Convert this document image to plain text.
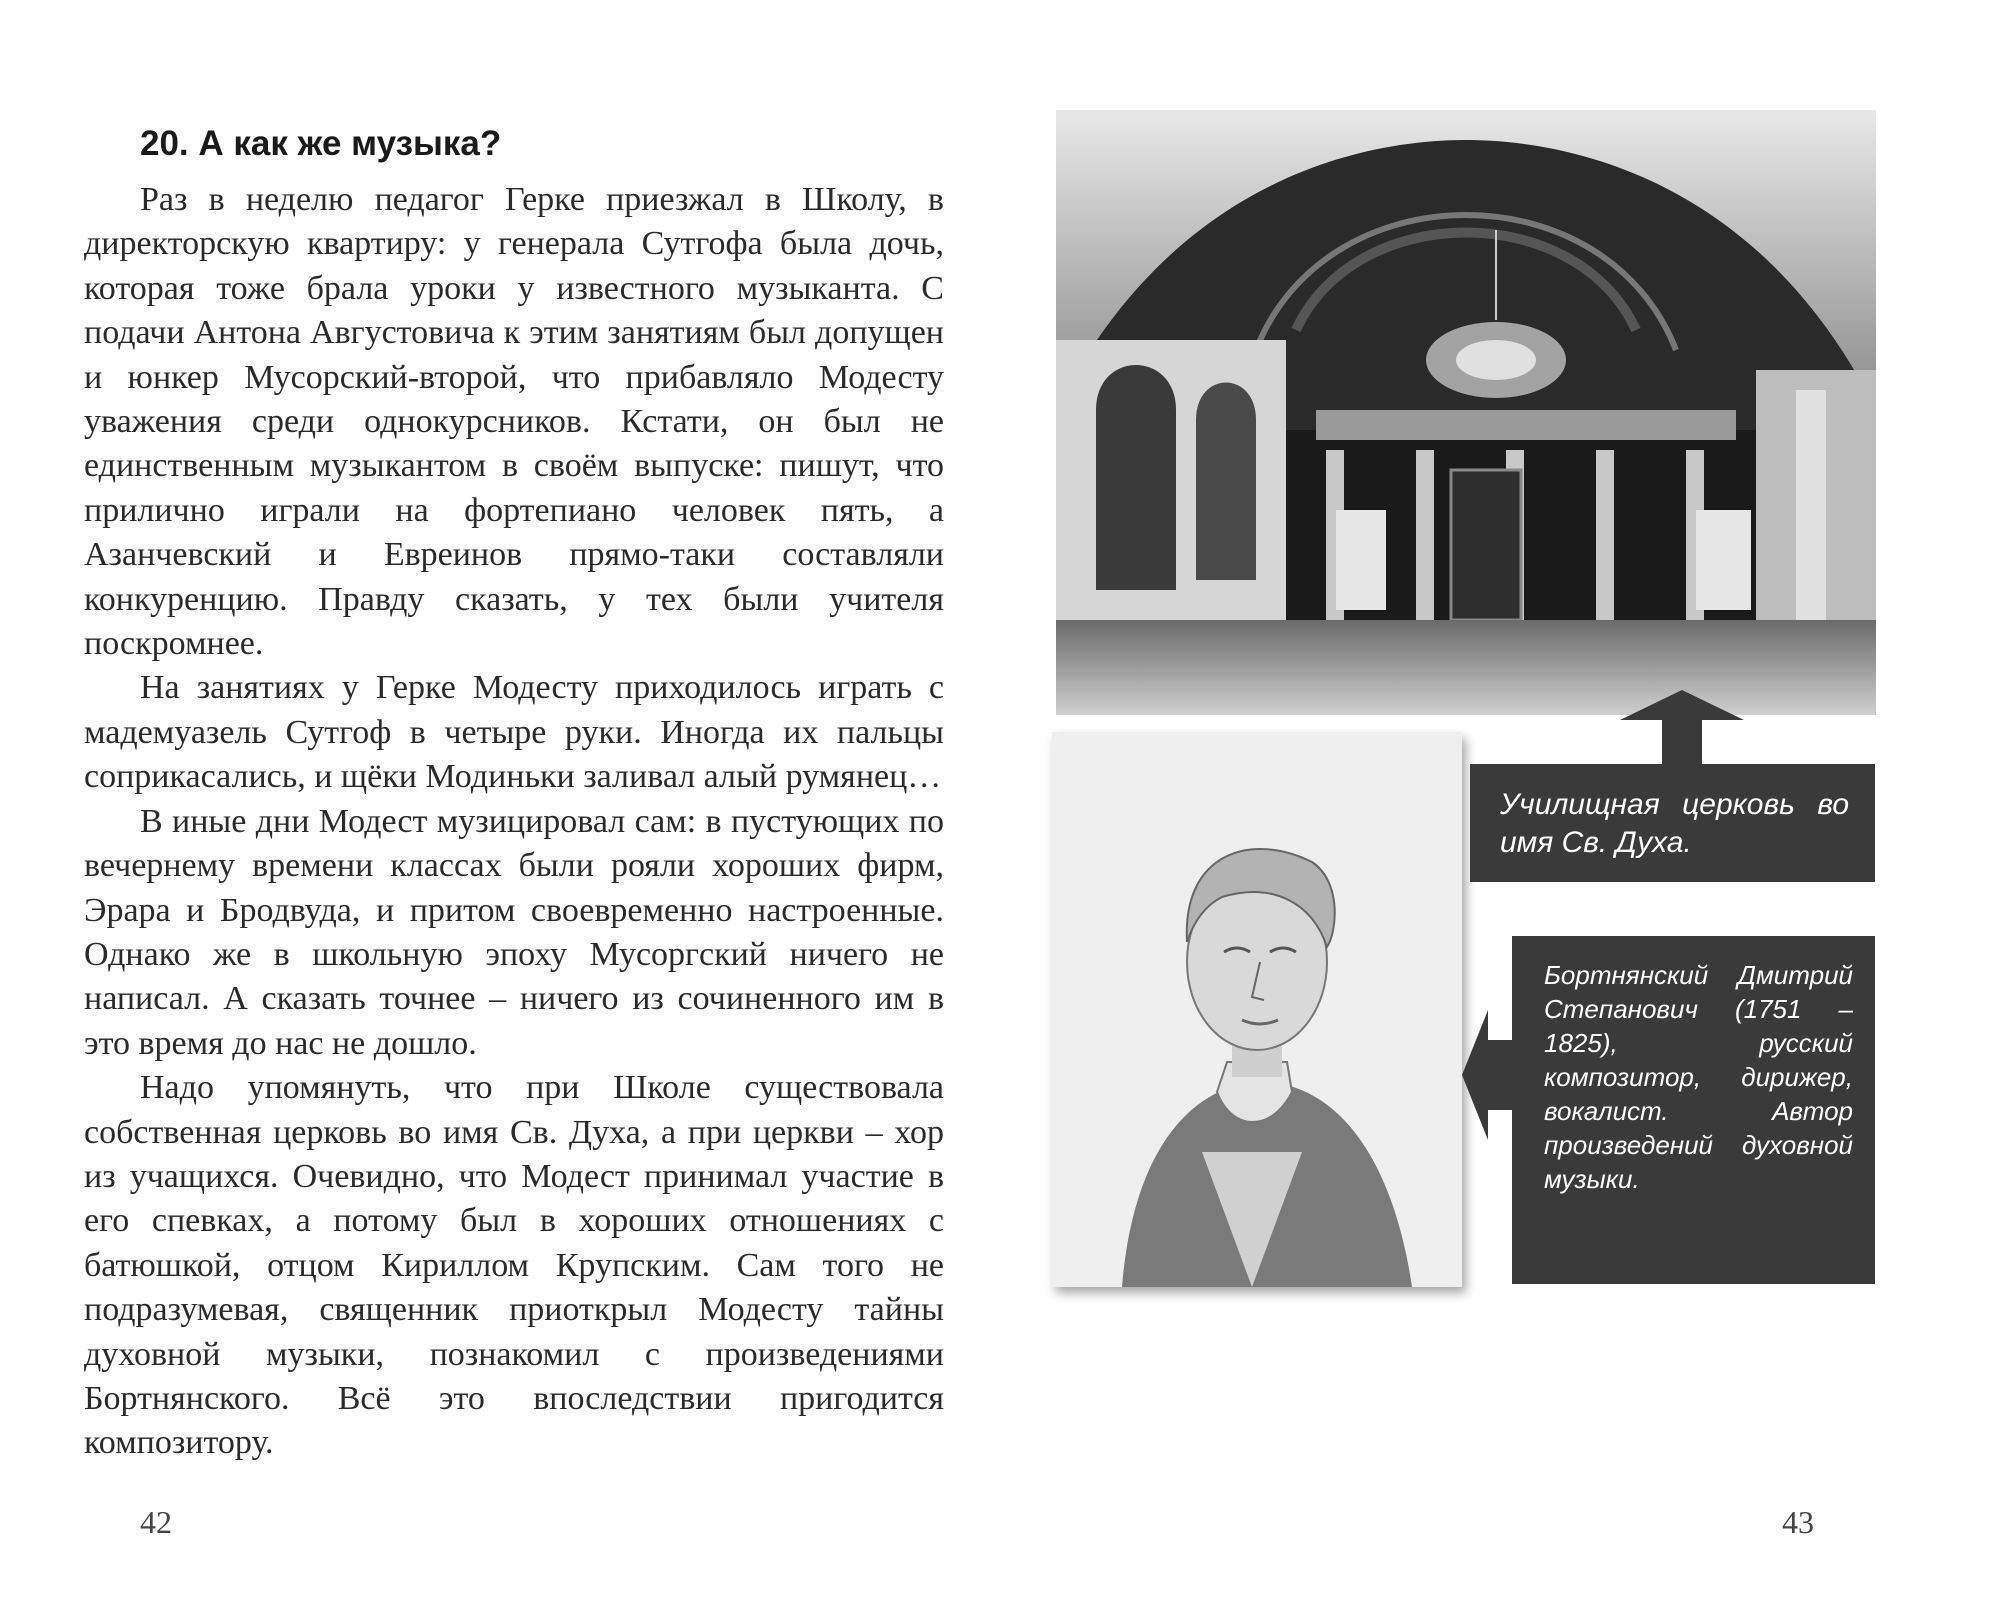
20. А как же музыка?

Раз в неделю педагог Герке приезжал в Школу, в директорскую квартиру: у генерала Сутгофа была дочь, которая тоже брала уроки у известного музыканта. С подачи Антона Августовича к этим занятиям был допущен и юнкер Мусорский-второй, что прибавляло Модесту уважения среди однокурсников. Кстати, он был не единственным музыкантом в своём выпуске: пишут, что прилично играли на фортепиано человек пять, а Азанчевский и Евреинов прямо-таки составляли конкуренцию. Правду сказать, у тех были учителя поскромнее.

На занятиях у Герке Модесту приходилось играть с мадемуазель Сутгоф в четыре руки. Иногда их пальцы соприкасались, и щёки Модиньки заливал алый румянец…

В иные дни Модест музицировал сам: в пустующих по вечернему времени классах были рояли хороших фирм, Эрара и Бродвуда, и притом своевременно настроенные. Однако же в школьную эпоху Мусоргский ничего не написал. А сказать точнее – ничего из сочиненного им в это время до нас не дошло.

Надо упомянуть, что при Школе существовала собственная церковь во имя Св. Духа, а при церкви – хор из учащихся. Очевидно, что Модест принимал участие в его спевках, а потому был в хороших отношениях с батюшкой, отцом Кириллом Крупским. Сам того не подразумевая, священник приоткрыл Модесту тайны духовной музыки, познакомил с произведениями Бортнянского. Всё это впоследствии пригодится композитору.

42
Училищная церковь во имя Св. Духа.
Бортнянский Дмитрий Степанович (1751 – 1825), русский композитор, дирижер, вокалист. Автор произведений духовной музыки.
43
